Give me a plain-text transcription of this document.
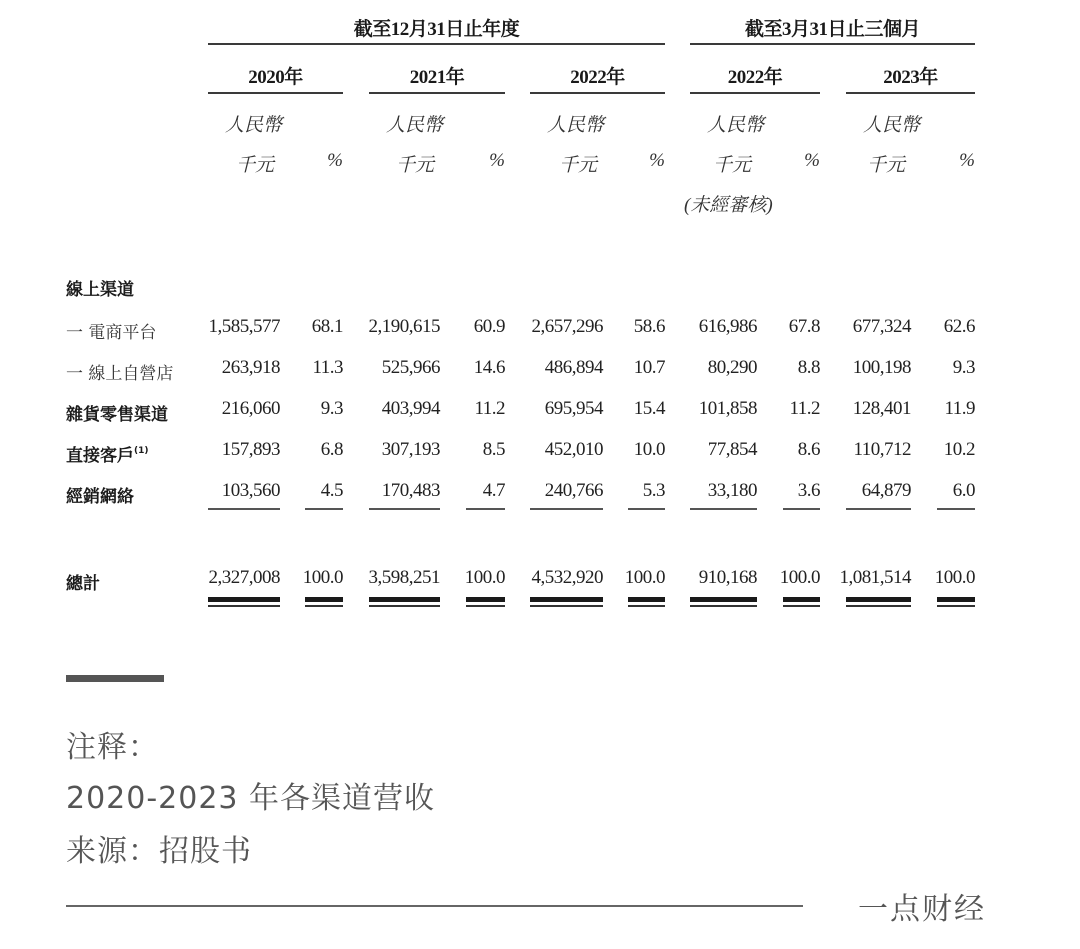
截至12月31日止年度	截至3月31日止三個月
2020年
人民幣
千元	%
2021年
人民幣
千元	%
2022年
人民幣
千元	%
2022年
人民幣
千元	%
(未經審核)
2023年
人民幣
千元	%
線上渠道
一 電商平台	1,585,577	68.1	2,190,615	60.9	2,657,296	58.6	616,986	67.8	677,324	62.6
一 線上自營店	263,918	11.3	525,966	14.6	486,894	10.7	80,290	8.8	100,198	9.3
雜貨零售渠道	216,060	9.3	403,994	11.2	695,954	15.4	101,858	11.2	128,401	11.9
直接客戶$^{(1)}$	157,893	6.8	307,193	8.5	452,010	10.0	77,854	8.6	110,712	10.2
經銷網絡	103,560	4.5	170,483	4.7	240,766	5.3	33,180	3.6	64,879	6.0
總計	2,327,008	100.0	3,598,251	100.0	4,532,920	100.0	910,168	100.0	1,081,514	100.0
注释：
2020-2023 年各渠道营收
来源：招股书
一点财经
